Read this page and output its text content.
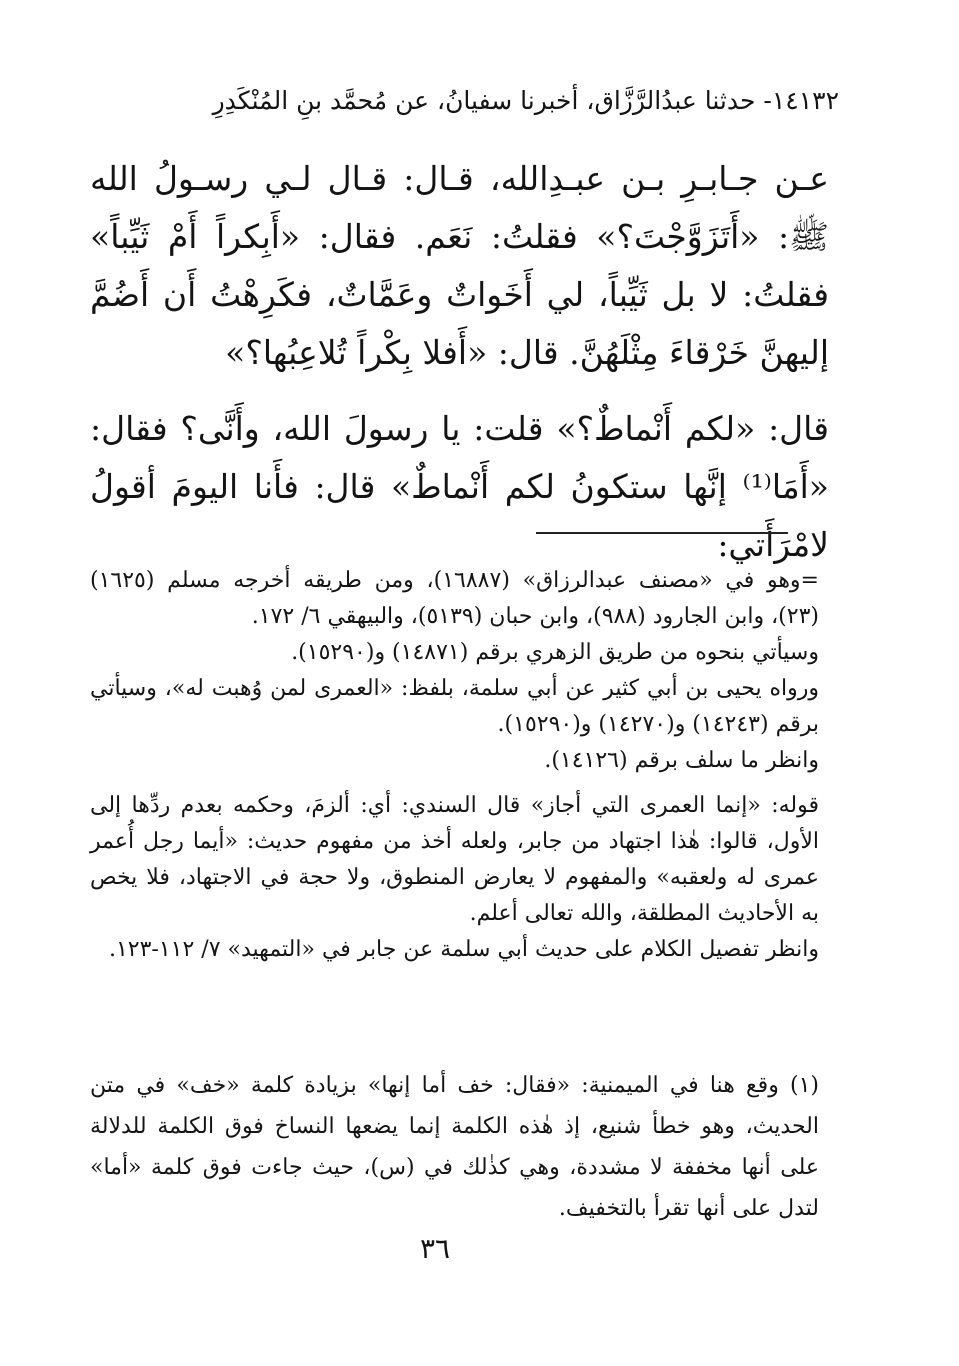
١٤١٣٢- حدثنا عبدُالرَّزَّاق، أخبرنا سفيانُ، عن مُحمَّد بنِ المُنْكَدِرِ

عـن جـابـرِ بـن عبـدِالله، قـال: قـال لـي رسـولُ الله ﷺ: «أَتَزَوَّجْتَ؟» فقلتُ: نَعَم. فقال: «أَبِكراً أَمْ ثَيِّباً» فقلتُ: لا بل ثَيِّباً، لي أَخَواتٌ وعَمَّاتٌ، فكَرِهْتُ أَن أَضُمَّ إليهنَّ خَرْقاءَ مِثْلَهُنَّ. قال: «أَفلا بِكْراً تُلاعِبُها؟»

قال: «لكم أَنْماطٌ؟» قلت: يا رسولَ الله، وأَنَّى؟ فقال: «أَمَا⁽¹⁾ إنَّها ستكونُ لكم أَنْماطٌ» قال: فأَنا اليومَ أقولُ لامْرَأَتي:

=وهو في «مصنف عبدالرزاق» (١٦٨٨٧)، ومن طريقه أخرجه مسلم (١٦٢٥) (٢٣)، وابن الجارود (٩٨٨)، وابن حبان (٥١٣٩)، والبيهقي ٦/ ١٧٢.

وسيأتي بنحوه من طريق الزهري برقم (١٤٨٧١) و(١٥٢٩٠).

ورواه يحيى بن أبي كثير عن أبي سلمة، بلفظ: «العمرى لمن وُهبت له»، وسيأتي برقم (١٤٢٤٣) و(١٤٢٧٠) و(١٥٢٩٠).

وانظر ما سلف برقم (١٤١٢٦).

قوله: «إنما العمرى التي أجاز» قال السندي: أي: ألزمَ، وحكمه بعدم ردِّها إلى الأول، قالوا: هٰذا اجتهاد من جابر، ولعله أخذ من مفهوم حديث: «أيما رجل أُعمر عمرى له ولعقبه» والمفهوم لا يعارض المنطوق، ولا حجة في الاجتهاد، فلا يخص به الأحاديث المطلقة، والله تعالى أعلم.

وانظر تفصيل الكلام على حديث أبي سلمة عن جابر في «التمهيد» ٧/ ١١٢-١٢٣.

(١) وقع هنا في الميمنية: «فقال: خف أما إنها» بزيادة كلمة «خف» في متن الحديث، وهو خطأ شنيع، إذ هٰذه الكلمة إنما يضعها النساخ فوق الكلمة للدلالة على أنها مخففة لا مشددة، وهي كذٰلك في (س)، حيث جاءت فوق كلمة «أما» لتدل على أنها تقرأ بالتخفيف.

٣٦
